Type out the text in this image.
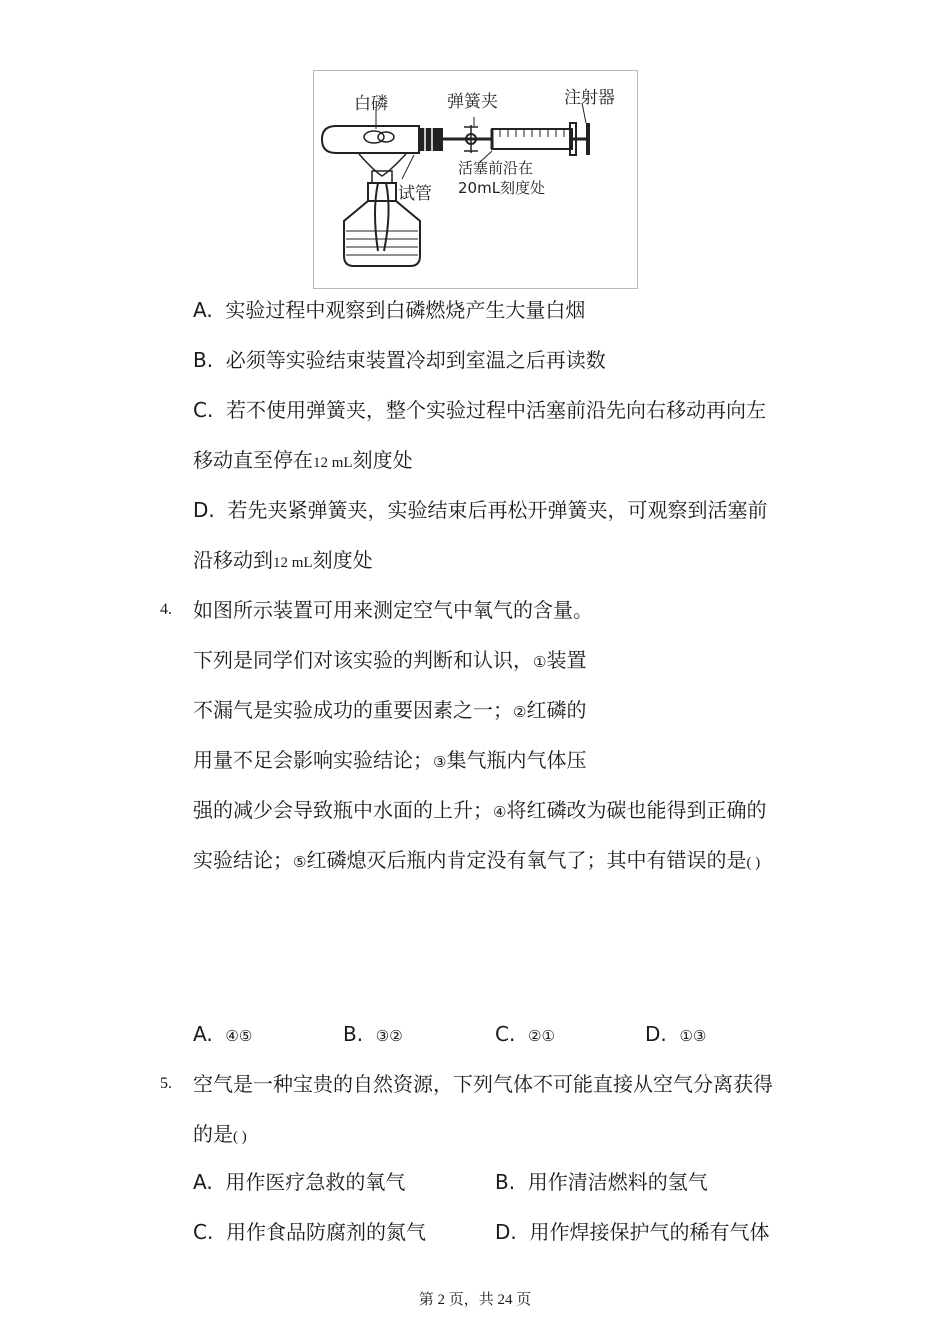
白磷	弹簧夹	注射器
试管
活塞前沿在
20mL刻度处
A. 实验过程中观察到白磷燃烧产生大量白烟
B. 必须等实验结束装置冷却到室温之后再读数
C. 若不使用弹簧夹，整个实验过程中活塞前沿先向右移动再向左
移动直至停在12 mL刻度处
D. 若先夹紧弹簧夹，实验结束后再松开弹簧夹，可观察到活塞前
沿移动到12 mL刻度处
4. 如图所示装置可用来测定空气中氧气的含量。
下列是同学们对该实验的判断和认识，①装置
不漏气是实验成功的重要因素之一；②红磷的
用量不足会影响实验结论；③集气瓶内气体压
强的减少会导致瓶中水面的上升；④将红磷改为碳也能得到正确的
实验结论；⑤红磷熄灭后瓶内肯定没有氧气了；其中有错误的是( )
A. ④⑤	B. ③②	C. ②①	D. ①③
5. 空气是一种宝贵的自然资源，下列气体不可能直接从空气分离获得
的是( )
A. 用作医疗急救的氧气	B. 用作清洁燃料的氢气
C. 用作食品防腐剂的氮气	D. 用作焊接保护气的稀有气体
第 2 页，共 24 页
